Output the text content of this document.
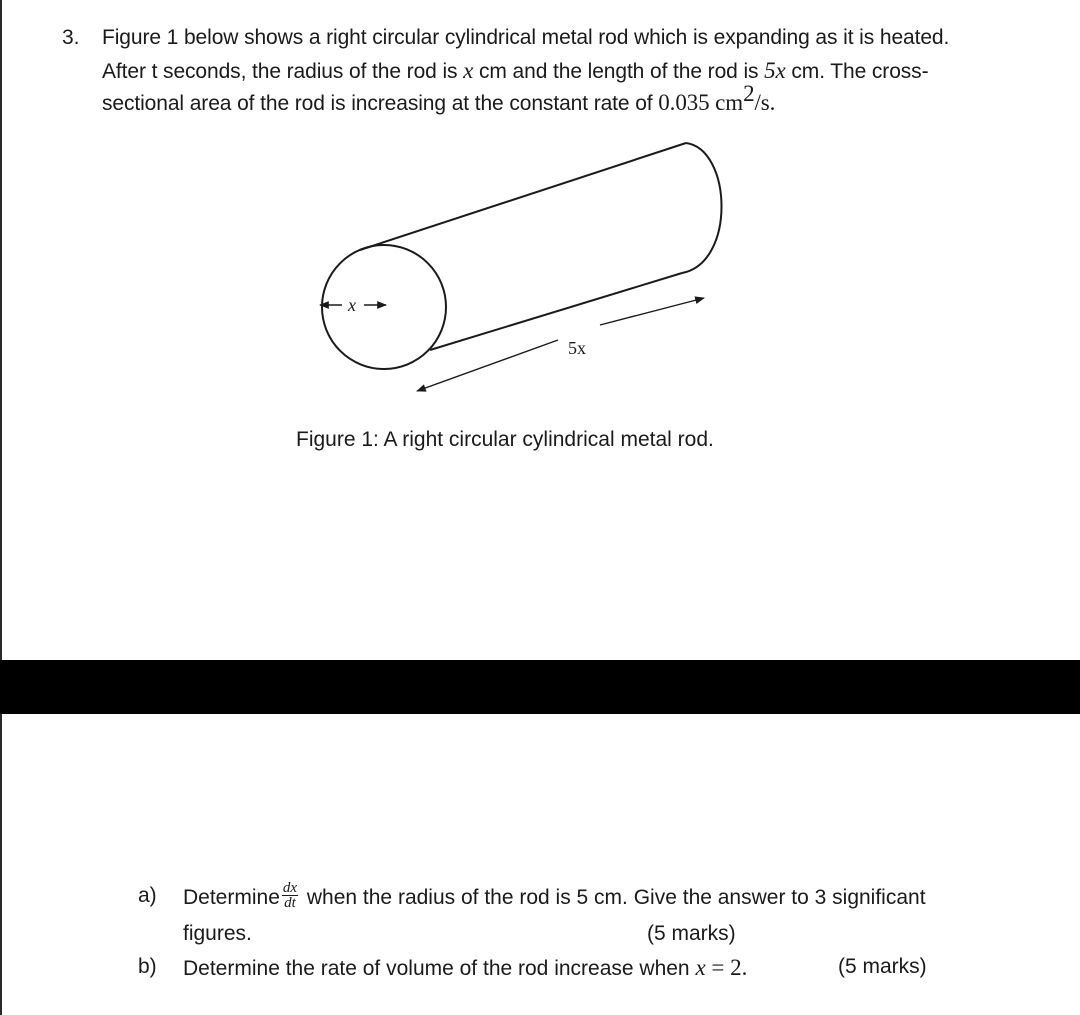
3. Figure 1 below shows a right circular cylindrical metal rod which is expanding as it is heated.
After t seconds, the radius of the rod is x cm and the length of the rod is 5x cm. The cross-
sectional area of the rod is increasing at the constant rate of 0.035 $cm^2/s$.
x
5x
Figure 1: A right circular cylindrical metal rod.
a) Determine $\frac{dx}{dt}$ when the radius of the rod is 5 cm. Give the answer to 3 significant
figures.	(5 marks)
b) Determine the rate of volume of the rod increase when x = 2.	(5 marks)
